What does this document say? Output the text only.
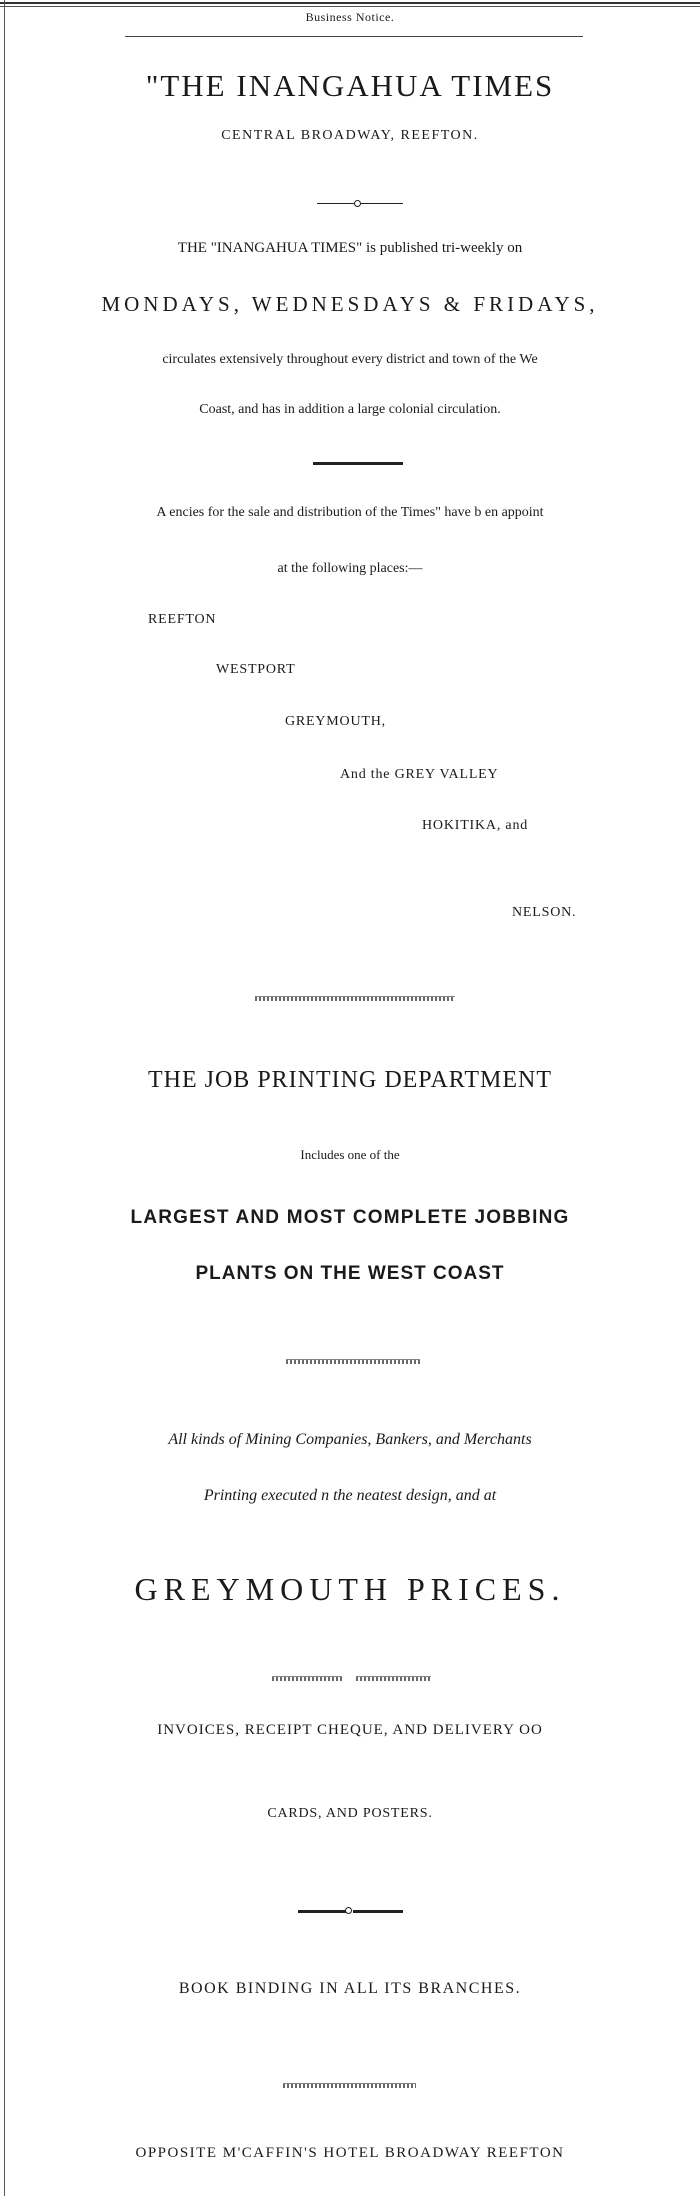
Business Notice.
"THE INANGAHUA TIMES
CENTRAL BROADWAY, REEFTON.
THE "INANGAHUA TIMES" is published tri-weekly on
MONDAYS, WEDNESDAYS & FRIDAYS,
circulates extensively throughout every district and town of the We
Coast, and has in addition a large colonial circulation.
A encies for the sale and distribution of the Times" have b en appoint
at the following places:—
REEFTON
WESTPORT
GREYMOUTH,
And the GREY VALLEY
HOKITIKA, and
NELSON.
THE JOB PRINTING DEPARTMENT
Includes one of the
LARGEST AND MOST COMPLETE JOBBING
PLANTS ON THE WEST COAST
All kinds of Mining Companies, Bankers, and Merchants
Printing executed n the neatest design, and at
GREYMOUTH PRICES.
INVOICES, RECEIPT CHEQUE, AND DELIVERY OO
CARDS, AND POSTERS.
BOOK BINDING IN ALL ITS BRANCHES.
OPPOSITE M'CAFFIN'S HOTEL BROADWAY REEFTON
